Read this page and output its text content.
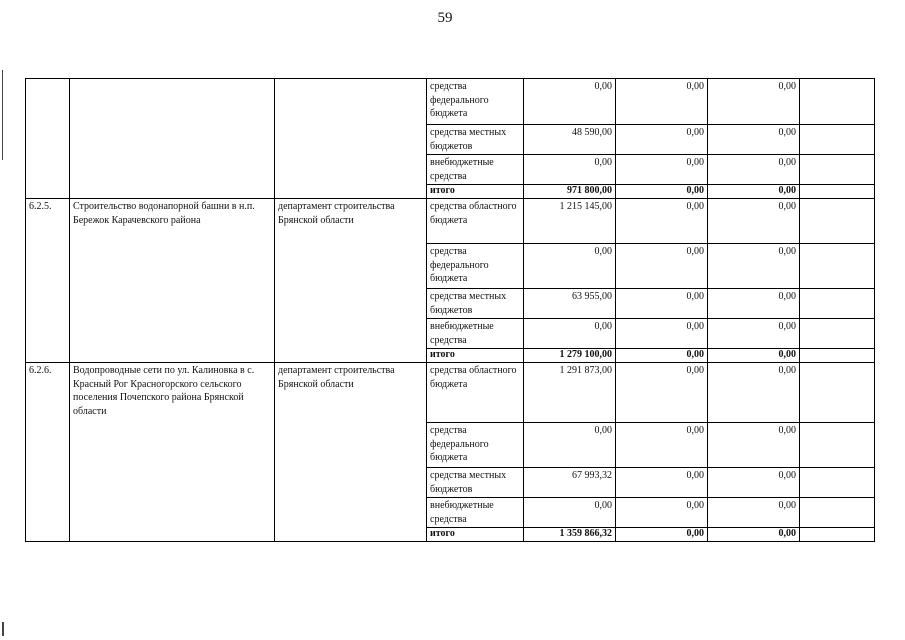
59
			средства федерального бюджета	0,00	0,00	0,00	
			средства местных бюджетов	48 590,00	0,00	0,00	
			внебюджетные средства	0,00	0,00	0,00	
			итого	971 800,00	0,00	0,00	
6.2.5.	Строительство водонапорной башни в н.п. Бережок Карачевского района	департамент строительства Брянской области	средства областного бюджета	1 215 145,00	0,00	0,00	
			средства федерального бюджета	0,00	0,00	0,00	
			средства местных бюджетов	63 955,00	0,00	0,00	
			внебюджетные средства	0,00	0,00	0,00	
			итого	1 279 100,00	0,00	0,00	
6.2.6.	Водопроводные сети по ул. Калиновка в с. Красный Рог Красногорского сельского поселения Почепского района Брянской области	департамент строительства Брянской области	средства областного бюджета	1 291 873,00	0,00	0,00	
			средства федерального бюджета	0,00	0,00	0,00	
			средства местных бюджетов	67 993,32	0,00	0,00	
			внебюджетные средства	0,00	0,00	0,00	
			итого	1 359 866,32	0,00	0,00	
